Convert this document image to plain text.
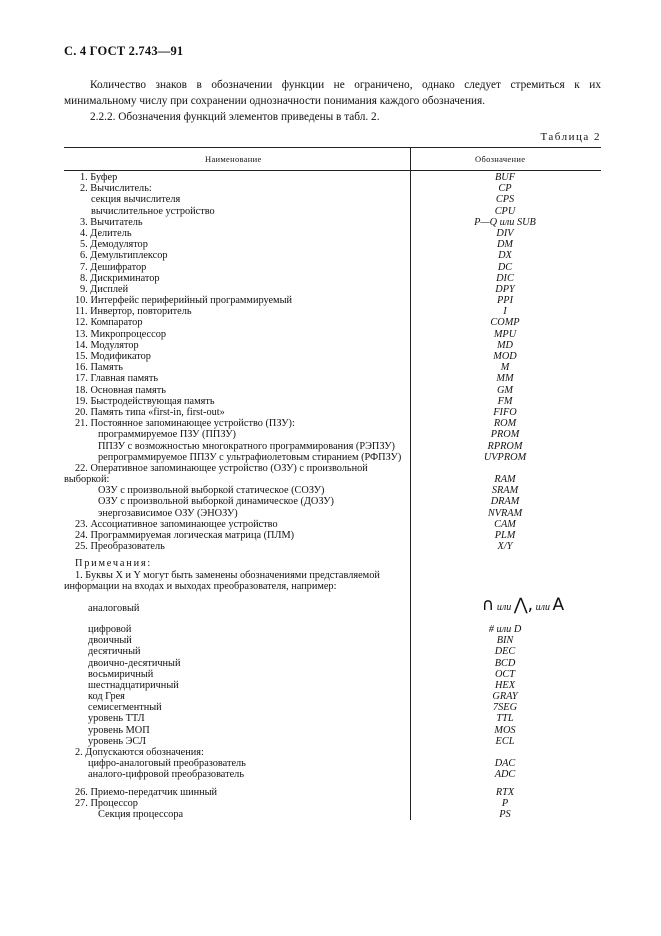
С. 4 ГОСТ 2.743—91
Количество знаков в обозначении функции не ограничено, однако следует стремиться к их минимальному числу при сохранении однозначности понимания каждого обозначения.
2.2.2. Обозначения функций элементов приведены в табл. 2.
Таблица 2
Наименование	Обозначение
1. Буфер	BUF
2. Вычислитель:	CP
секция вычислителя	CPS
вычислительное устройство	CPU
3. Вычитатель	P—Q или SUB
4. Делитель	DIV
5. Демодулятор	DM
6. Демультиплексор	DX
7. Дешифратор	DC
8. Дискриминатор	DIC
9. Дисплей	DPY
10. Интерфейс периферийный программируемый	PPI
11. Инвертор, повторитель	I
12. Компаратор	COMP
13. Микропроцессор	MPU
14. Модулятор	MD
15. Модификатор	MOD
16. Память	M
17. Главная память	MM
18. Основная память	GM
19. Быстродействующая память	FM
20. Память типа «first-in, first-out»	FIFO
21. Постоянное запоминающее устройство (ПЗУ):	ROM
программируемое ПЗУ (ППЗУ)	PROM
ППЗУ с возможностью многократного программирования (РЭПЗУ)	RPROM
репрограммируемое ППЗУ с ультрафиолетовым стиранием (РФПЗУ)	UVPROM
22. Оперативное запоминающее устройство (ОЗУ) с произвольной
выборкой:	RAM
ОЗУ с произвольной выборкой статическое (СОЗУ)	SRAM
ОЗУ с произвольной выборкой динамическое (ДОЗУ)	DRAM
энергозависимое ОЗУ (ЭНОЗУ)	NVRAM
23. Ассоциативное запоминающее устройство	CAM
24. Программируемая логическая матрица (ПЛМ)	PLM
25. Преобразователь	X/Y
Примечания:
1. Буквы X и Y могут быть заменены обозначениями представляемой
информации на входах и выходах преобразователя, например:
аналоговый	∩ или ⋀, или A
цифровой	# или D
двоичный	BIN
десятичный	DEC
двоично-десятичный	BCD
восьмиричный	OCT
шестнадцатиричный	HEX
код Грея	GRAY
семисегментный	7SEG
уровень ТТЛ	TTL
уровень МОП	MOS
уровень ЭСЛ	ECL
2. Допускаются обозначения:
цифро-аналоговый преобразователь	DAC
аналого-цифровой преобразователь	ADC
26. Приемо-передатчик шинный	RTX
27. Процессор	P
Секция процессора	PS
